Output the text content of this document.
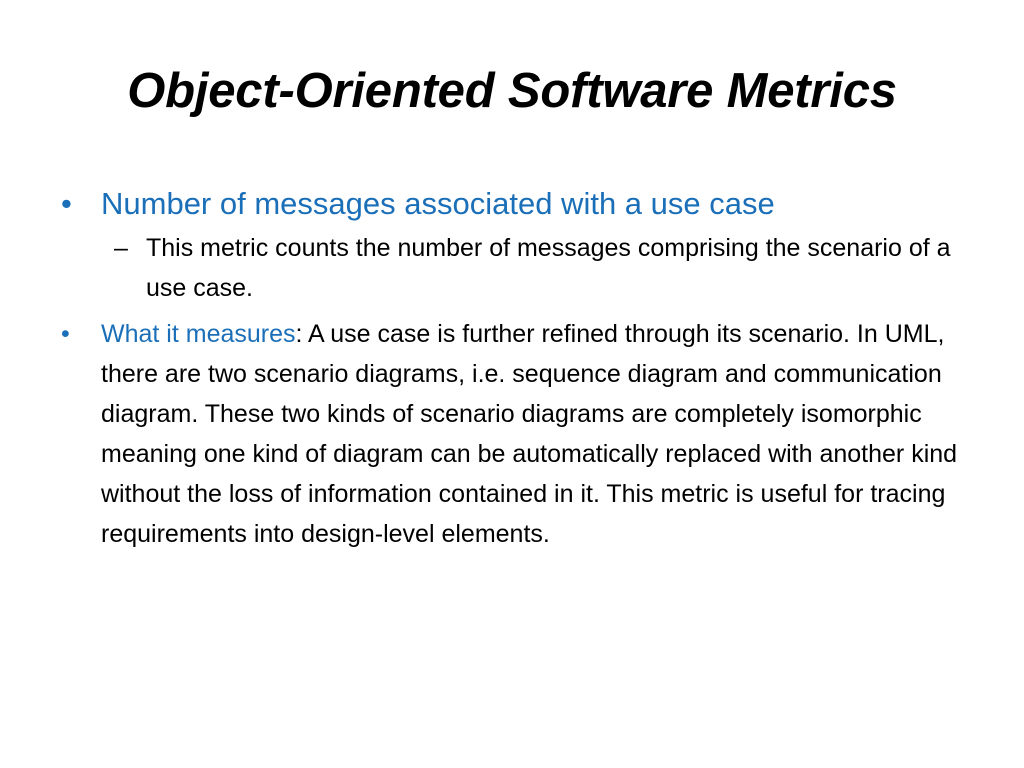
Object-Oriented Software Metrics
• Number of messages associated with a use case
– This metric counts the number of messages comprising the scenario of a use case.
• What it measures: A use case is further refined through its scenario. In UML, there are two scenario diagrams, i.e. sequence diagram and communication diagram. These two kinds of scenario diagrams are completely isomorphic meaning one kind of diagram can be automatically replaced with another kind without the loss of information contained in it. This metric is useful for tracing requirements into design-level elements.
